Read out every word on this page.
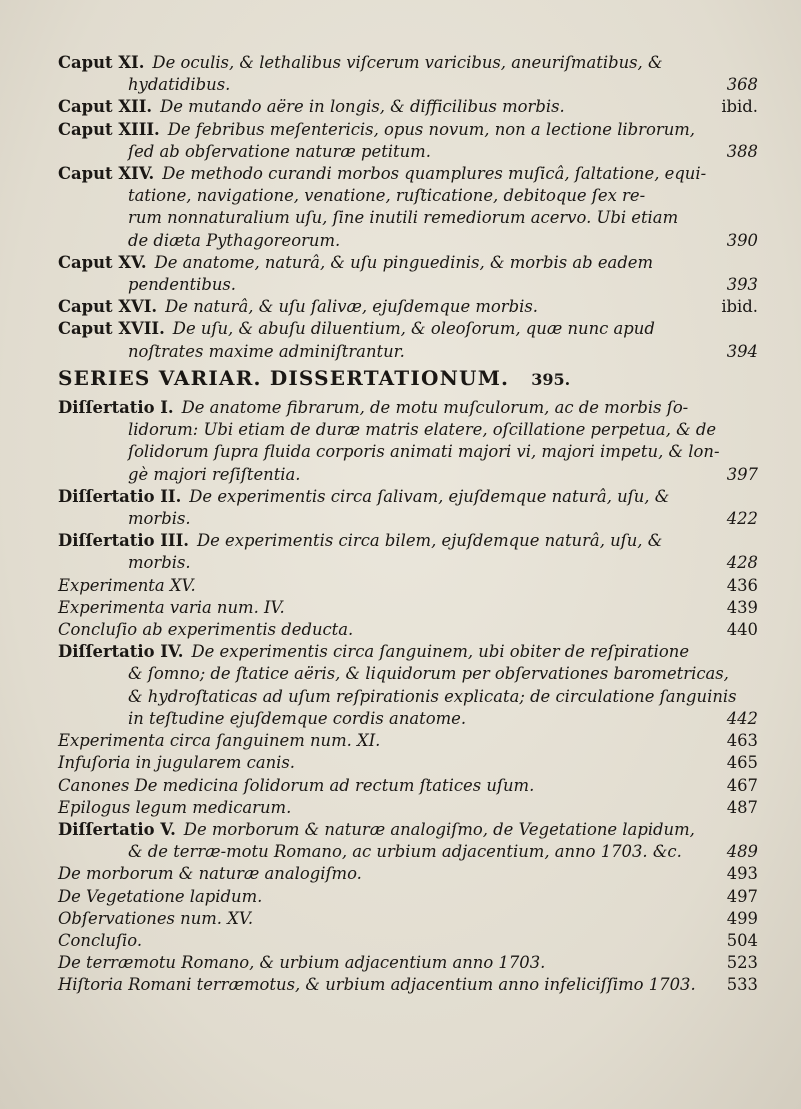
Caput XI. De oculis, & lethalibus viſcerum varicibus, aneuriſmatibus, &
hydatidibus.	368
Caput XII. De mutando aëre in longis, & difficilibus morbis.	ibid.
Caput XIII. De febribus meſentericis, opus novum, non a lectione librorum,
ſed ab obſervatione naturæ petitum.	388
Caput XIV. De methodo curandi morbos quamplures muſicâ, ſaltatione, equi-
tatione, navigatione, venatione, ruſticatione, debitoque ſex re-
rum nonnaturalium uſu, ſine inutili remediorum acervo. Ubi etiam
de diæta Pythagoreorum.	390
Caput XV. De anatome, naturâ, & uſu pinguedinis, & morbis ab eadem
pendentibus.	393
Caput XVI. De naturâ, & uſu ſalivæ, ejuſdemque morbis.	ibid.
Caput XVII. De uſu, & abuſu diluentium, & oleoſorum, quæ nunc apud
noſtrates maxime adminiſtrantur.	394
SERIES VARIAR. DISSERTATIONUM. 395.
Diſſertatio I. De anatome fibrarum, de motu muſculorum, ac de morbis ſo-
lidorum: Ubi etiam de duræ matris elatere, oſcillatione perpetua, & de
ſolidorum ſupra fluida corporis animati majori vi, majori impetu, & lon-
gè majori reſiſtentia.	397
Diſſertatio II. De experimentis circa ſalivam, ejuſdemque naturâ, uſu, &
morbis.	422
Diſſertatio III. De experimentis circa bilem, ejuſdemque naturâ, uſu, &
morbis.	428
Experimenta XV.	436
Experimenta varia num. IV.	439
Concluſio ab experimentis deducta.	440
Diſſertatio IV. De experimentis circa ſanguinem, ubi obiter de reſpiratione
& ſomno; de ſtatice aëris, & liquidorum per obſervationes barometricas,
& hydroſtaticas ad uſum reſpirationis explicata; de circulatione ſanguinis
in teſtudine ejuſdemque cordis anatome.	442
Experimenta circa ſanguinem num. XI.	463
Infuſoria in jugularem canis.	465
Canones De medicina ſolidorum ad rectum ſtatices uſum.	467
Epilogus legum medicarum.	487
Diſſertatio V. De morborum & naturæ analogiſmo, de Vegetatione lapidum,
& de terræ-motu Romano, ac urbium adjacentium, anno 1703. &c.	489
De morborum & naturæ analogiſmo.	493
De Vegetatione lapidum.	497
Obſervationes num. XV.	499
Concluſio.	504
De terræmotu Romano, & urbium adjacentium anno 1703.	523
Hiſtoria Romani terræmotus, & urbium adjacentium anno infeliciſſimo 1703. 533
